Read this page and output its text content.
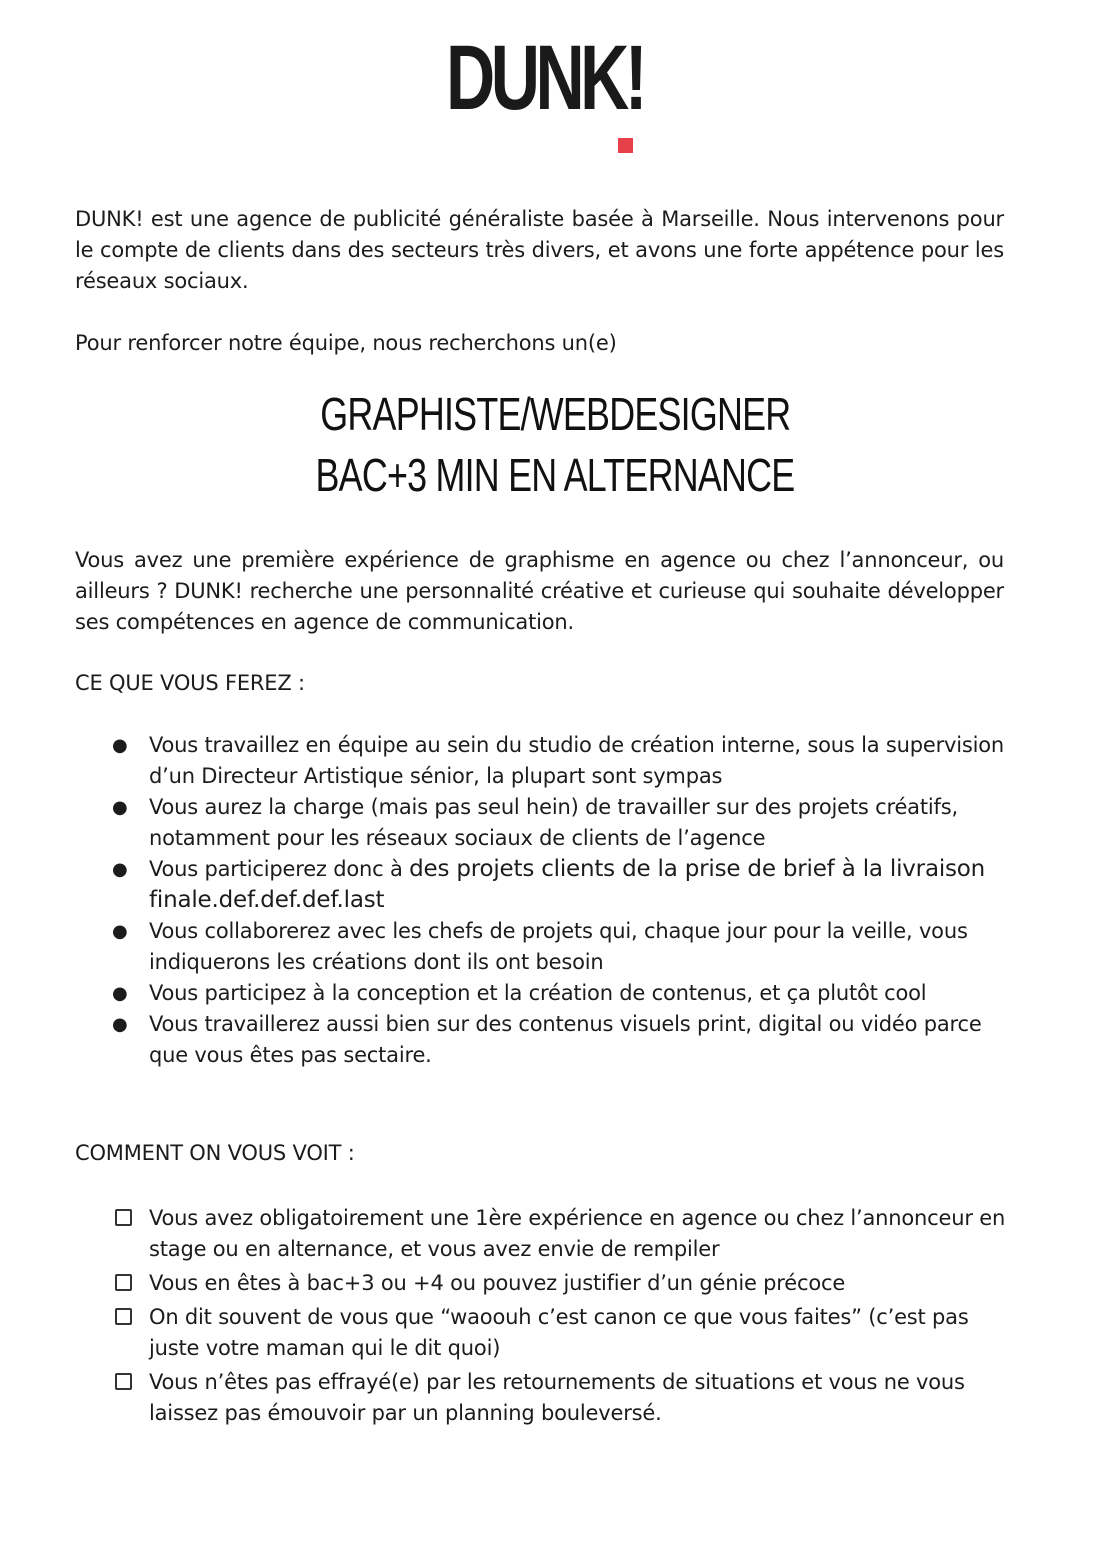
DUNK!

DUNK! est une agence de publicité généraliste basée à Marseille. Nous intervenons pour le compte de clients dans des secteurs très divers, et avons une forte appétence pour les réseaux sociaux.

Pour renforcer notre équipe, nous recherchons un(e)

GRAPHISTE/WEBDESIGNER
BAC+3 MIN EN ALTERNANCE

Vous avez une première expérience de graphisme en agence ou chez l’annonceur, ou ailleurs ? DUNK! recherche une personnalité créative et curieuse qui souhaite développer ses compétences en agence de communication.

CE QUE VOUS FEREZ :
● Vous travaillez en équipe au sein du studio de création interne, sous la supervision d’un Directeur Artistique sénior, la plupart sont sympas
● Vous aurez la charge (mais pas seul hein) de travailler sur des projets créatifs, notamment pour les réseaux sociaux de clients de l’agence
● Vous participerez donc à des projets clients de la prise de brief à la livraison finale.def.def.def.last
● Vous collaborerez avec les chefs de projets qui, chaque jour pour la veille, vous indiquerons les créations dont ils ont besoin
● Vous participez à la conception et la création de contenus, et ça plutôt cool
● Vous travaillerez aussi bien sur des contenus visuels print, digital ou vidéo parce que vous êtes pas sectaire.
COMMENT ON VOUS VOIT :
Vous avez obligatoirement une 1ère expérience en agence ou chez l’annonceur en stage ou en alternance, et vous avez envie de rempiler
Vous en êtes à bac+3 ou +4 ou pouvez justifier d’un génie précoce
On dit souvent de vous que “waoouh c’est canon ce que vous faites” (c’est pas juste votre maman qui le dit quoi)
Vous n’êtes pas effrayé(e) par les retournements de situations et vous ne vous laissez pas émouvoir par un planning bouleversé.
